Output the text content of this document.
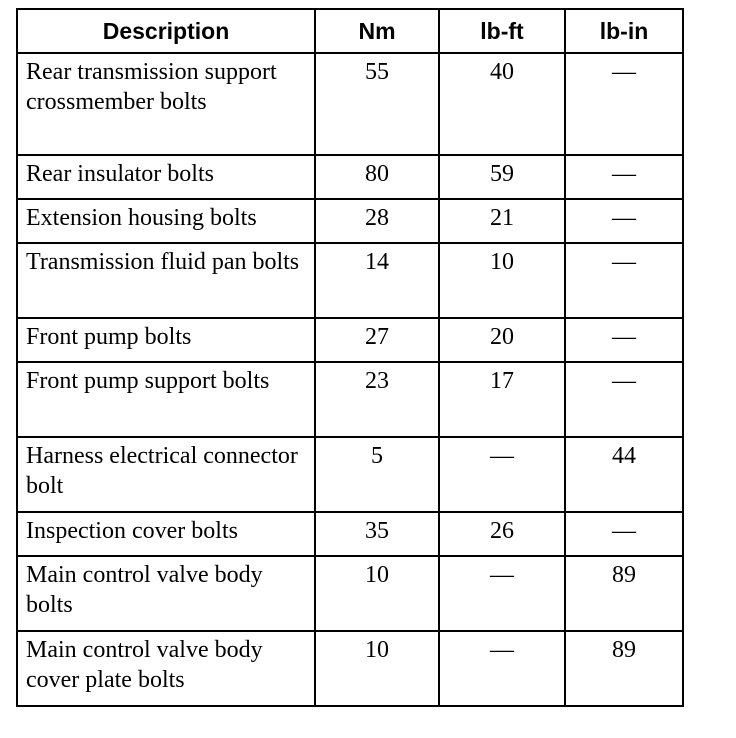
Description	Nm	lb-ft	lb-in
Rear transmission support crossmember bolts	55	40	—
Rear insulator bolts	80	59	—
Extension housing bolts	28	21	—
Transmission fluid pan bolts	14	10	—
Front pump bolts	27	20	—
Front pump support bolts	23	17	—
Harness electrical connector bolt	5	—	44
Inspection cover bolts	35	26	—
Main control valve body bolts	10	—	89
Main control valve body cover plate bolts	10	—	89
